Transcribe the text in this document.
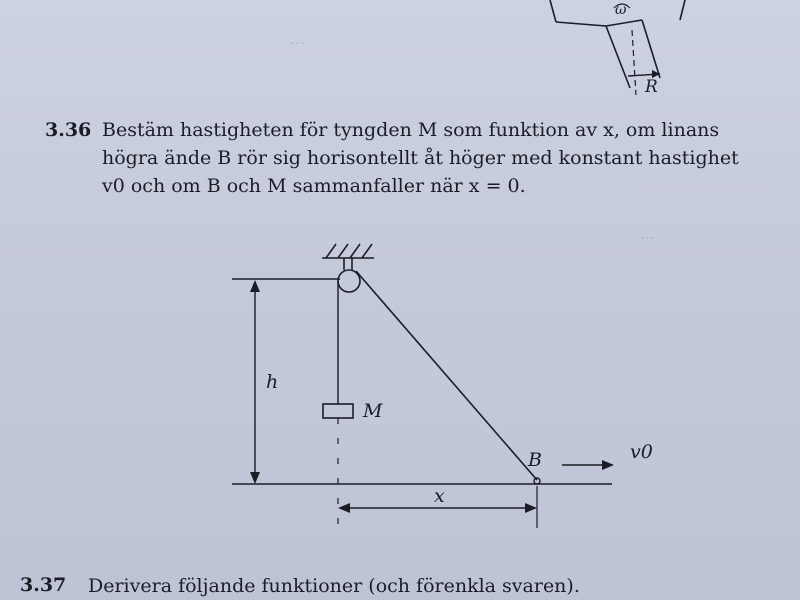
…
…
ω
R
3.36 Bestäm hastigheten för tyngden M som funktion av x, om linans
högra ände B rör sig horisontellt åt höger med konstant hastighet
v0 och om B och M sammanfaller när x = 0.
M
h
B	v0
x
3.37 Derivera följande funktioner (och förenkla svaren).
